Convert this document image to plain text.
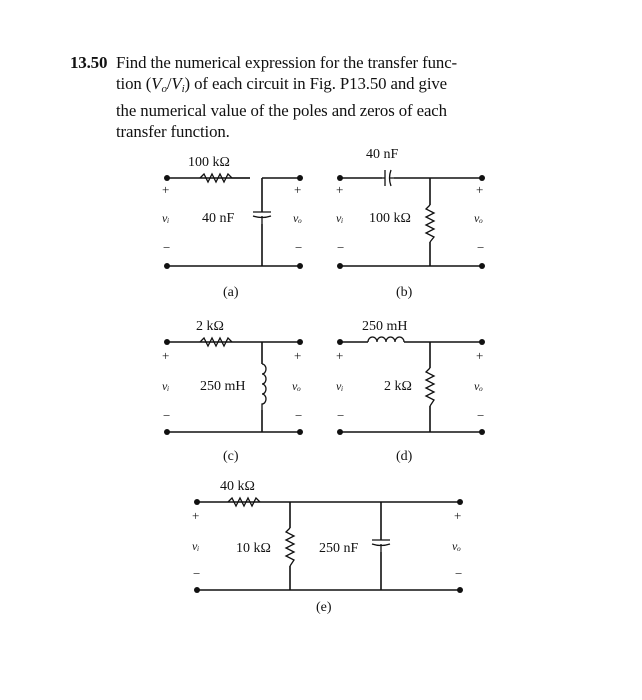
13.50 Find the numerical expression for the transfer func-
tion $(V_o/V_i)$ of each circuit in Fig. P13.50 and give
the numerical value of the poles and zeros of each
transfer function.
100 kΩ
40 nF
+
vᵢ
−
+
vₒ
−
(a)
40 nF
100 kΩ
+
vᵢ
−
+
vₒ
−
(b)
2 kΩ
250 mH
+
vᵢ
−
+
vₒ
−
(c)
250 mH
2 kΩ
+
vᵢ
−
+
vₒ
−
(d)
40 kΩ
10 kΩ	250 nF
+
vᵢ
−
+
vₒ
−
(e)
